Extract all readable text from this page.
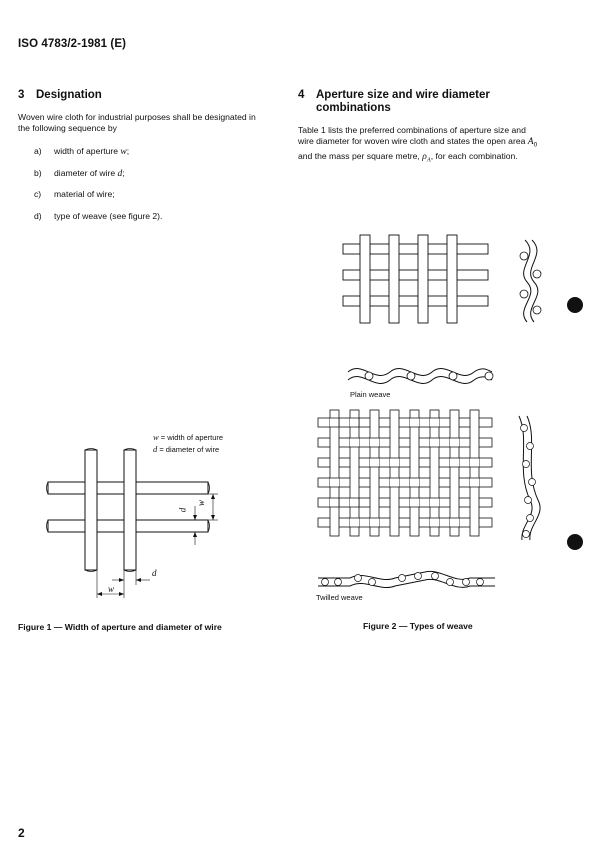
ISO 4783/2-1981 (E)
3 Designation
Woven wire cloth for industrial purposes shall be designated in
the following sequence by
a) width of aperture w;
b) diameter of wire d;
c) material of wire;
d) type of weave (see figure 2).
4 Aperture size and wire diameter
combinations
Table 1 lists the preferred combinations of aperture size and
wire diameter for woven wire cloth and states the open area $A_0$
and the mass per square metre, $\rho_A$, for each combination.
w = width of aperture
d = diameter of wire
w
d
w
d
Figure 1 — Width of aperture and diameter of wire
Plain weave
Twilled weave
Figure 2 — Types of weave
2
